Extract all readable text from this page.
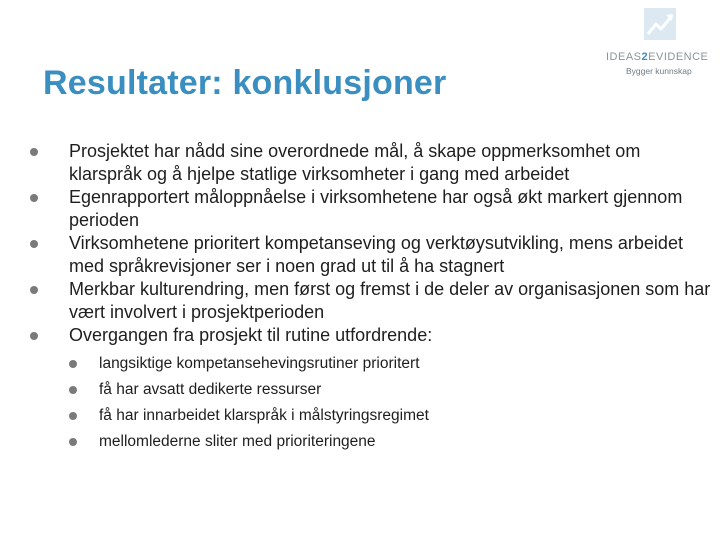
Resultater: konklusjoner
IDEAS2EVIDENCE
Bygger kunnskap
Prosjektet har nådd sine overordnede mål, å skape oppmerksomhet om klarspråk og å hjelpe statlige virksomheter i gang med arbeidet
Egenrapportert måloppnåelse i virksomhetene har også økt markert gjennom perioden
Virksomhetene prioritert kompetanseving og verktøysutvikling, mens arbeidet med språkrevisjoner ser i noen grad ut til å ha stagnert
Merkbar kulturendring, men først og fremst i de deler av organisasjonen som har vært involvert i prosjektperioden
Overgangen fra prosjekt til rutine utfordrende:
langsiktige kompetansehevingsrutiner prioritert
få har avsatt dedikerte ressurser
få har innarbeidet klarspråk i målstyringsregimet
mellomlederne sliter med prioriteringene
